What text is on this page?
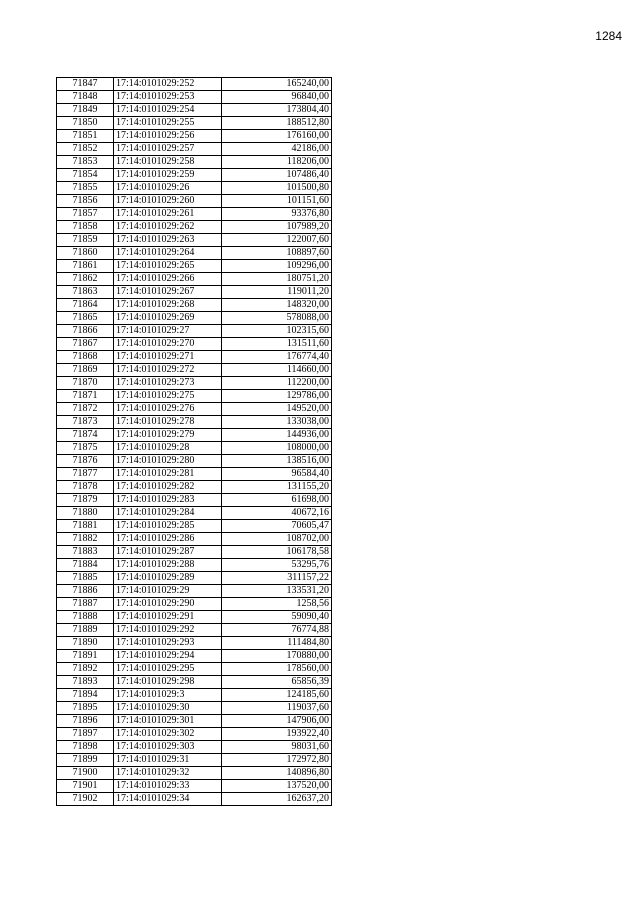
1284
71847	17:14:0101029:252	165240,00
71848	17:14:0101029:253	96840,00
71849	17:14:0101029:254	173804,40
71850	17:14:0101029:255	188512,80
71851	17:14:0101029:256	176160,00
71852	17:14:0101029:257	42186,00
71853	17:14:0101029:258	118206,00
71854	17:14:0101029:259	107486,40
71855	17:14:0101029:26	101500,80
71856	17:14:0101029:260	101151,60
71857	17:14:0101029:261	93376,80
71858	17:14:0101029:262	107989,20
71859	17:14:0101029:263	122007,60
71860	17:14:0101029:264	108897,60
71861	17:14:0101029:265	109296,00
71862	17:14:0101029:266	180751,20
71863	17:14:0101029:267	119011,20
71864	17:14:0101029:268	148320,00
71865	17:14:0101029:269	578088,00
71866	17:14:0101029:27	102315,60
71867	17:14:0101029:270	131511,60
71868	17:14:0101029:271	176774,40
71869	17:14:0101029:272	114660,00
71870	17:14:0101029:273	112200,00
71871	17:14:0101029:275	129786,00
71872	17:14:0101029:276	149520,00
71873	17:14:0101029:278	133038,00
71874	17:14:0101029:279	144936,00
71875	17:14:0101029:28	108000,00
71876	17:14:0101029:280	138516,00
71877	17:14:0101029:281	96584,40
71878	17:14:0101029:282	131155,20
71879	17:14:0101029:283	61698,00
71880	17:14:0101029:284	40672,16
71881	17:14:0101029:285	70605,47
71882	17:14:0101029:286	108702,00
71883	17:14:0101029:287	106178,58
71884	17:14:0101029:288	53295,76
71885	17:14:0101029:289	311157,22
71886	17:14:0101029:29	133531,20
71887	17:14:0101029:290	1258,56
71888	17:14:0101029:291	59090,40
71889	17:14:0101029:292	76774,88
71890	17:14:0101029:293	111484,80
71891	17:14:0101029:294	170880,00
71892	17:14:0101029:295	178560,00
71893	17:14:0101029:298	65856,39
71894	17:14:0101029:3	124185,60
71895	17:14:0101029:30	119037,60
71896	17:14:0101029:301	147906,00
71897	17:14:0101029:302	193922,40
71898	17:14:0101029:303	98031,60
71899	17:14:0101029:31	172972,80
71900	17:14:0101029:32	140896,80
71901	17:14:0101029:33	137520,00
71902	17:14:0101029:34	162637,20
